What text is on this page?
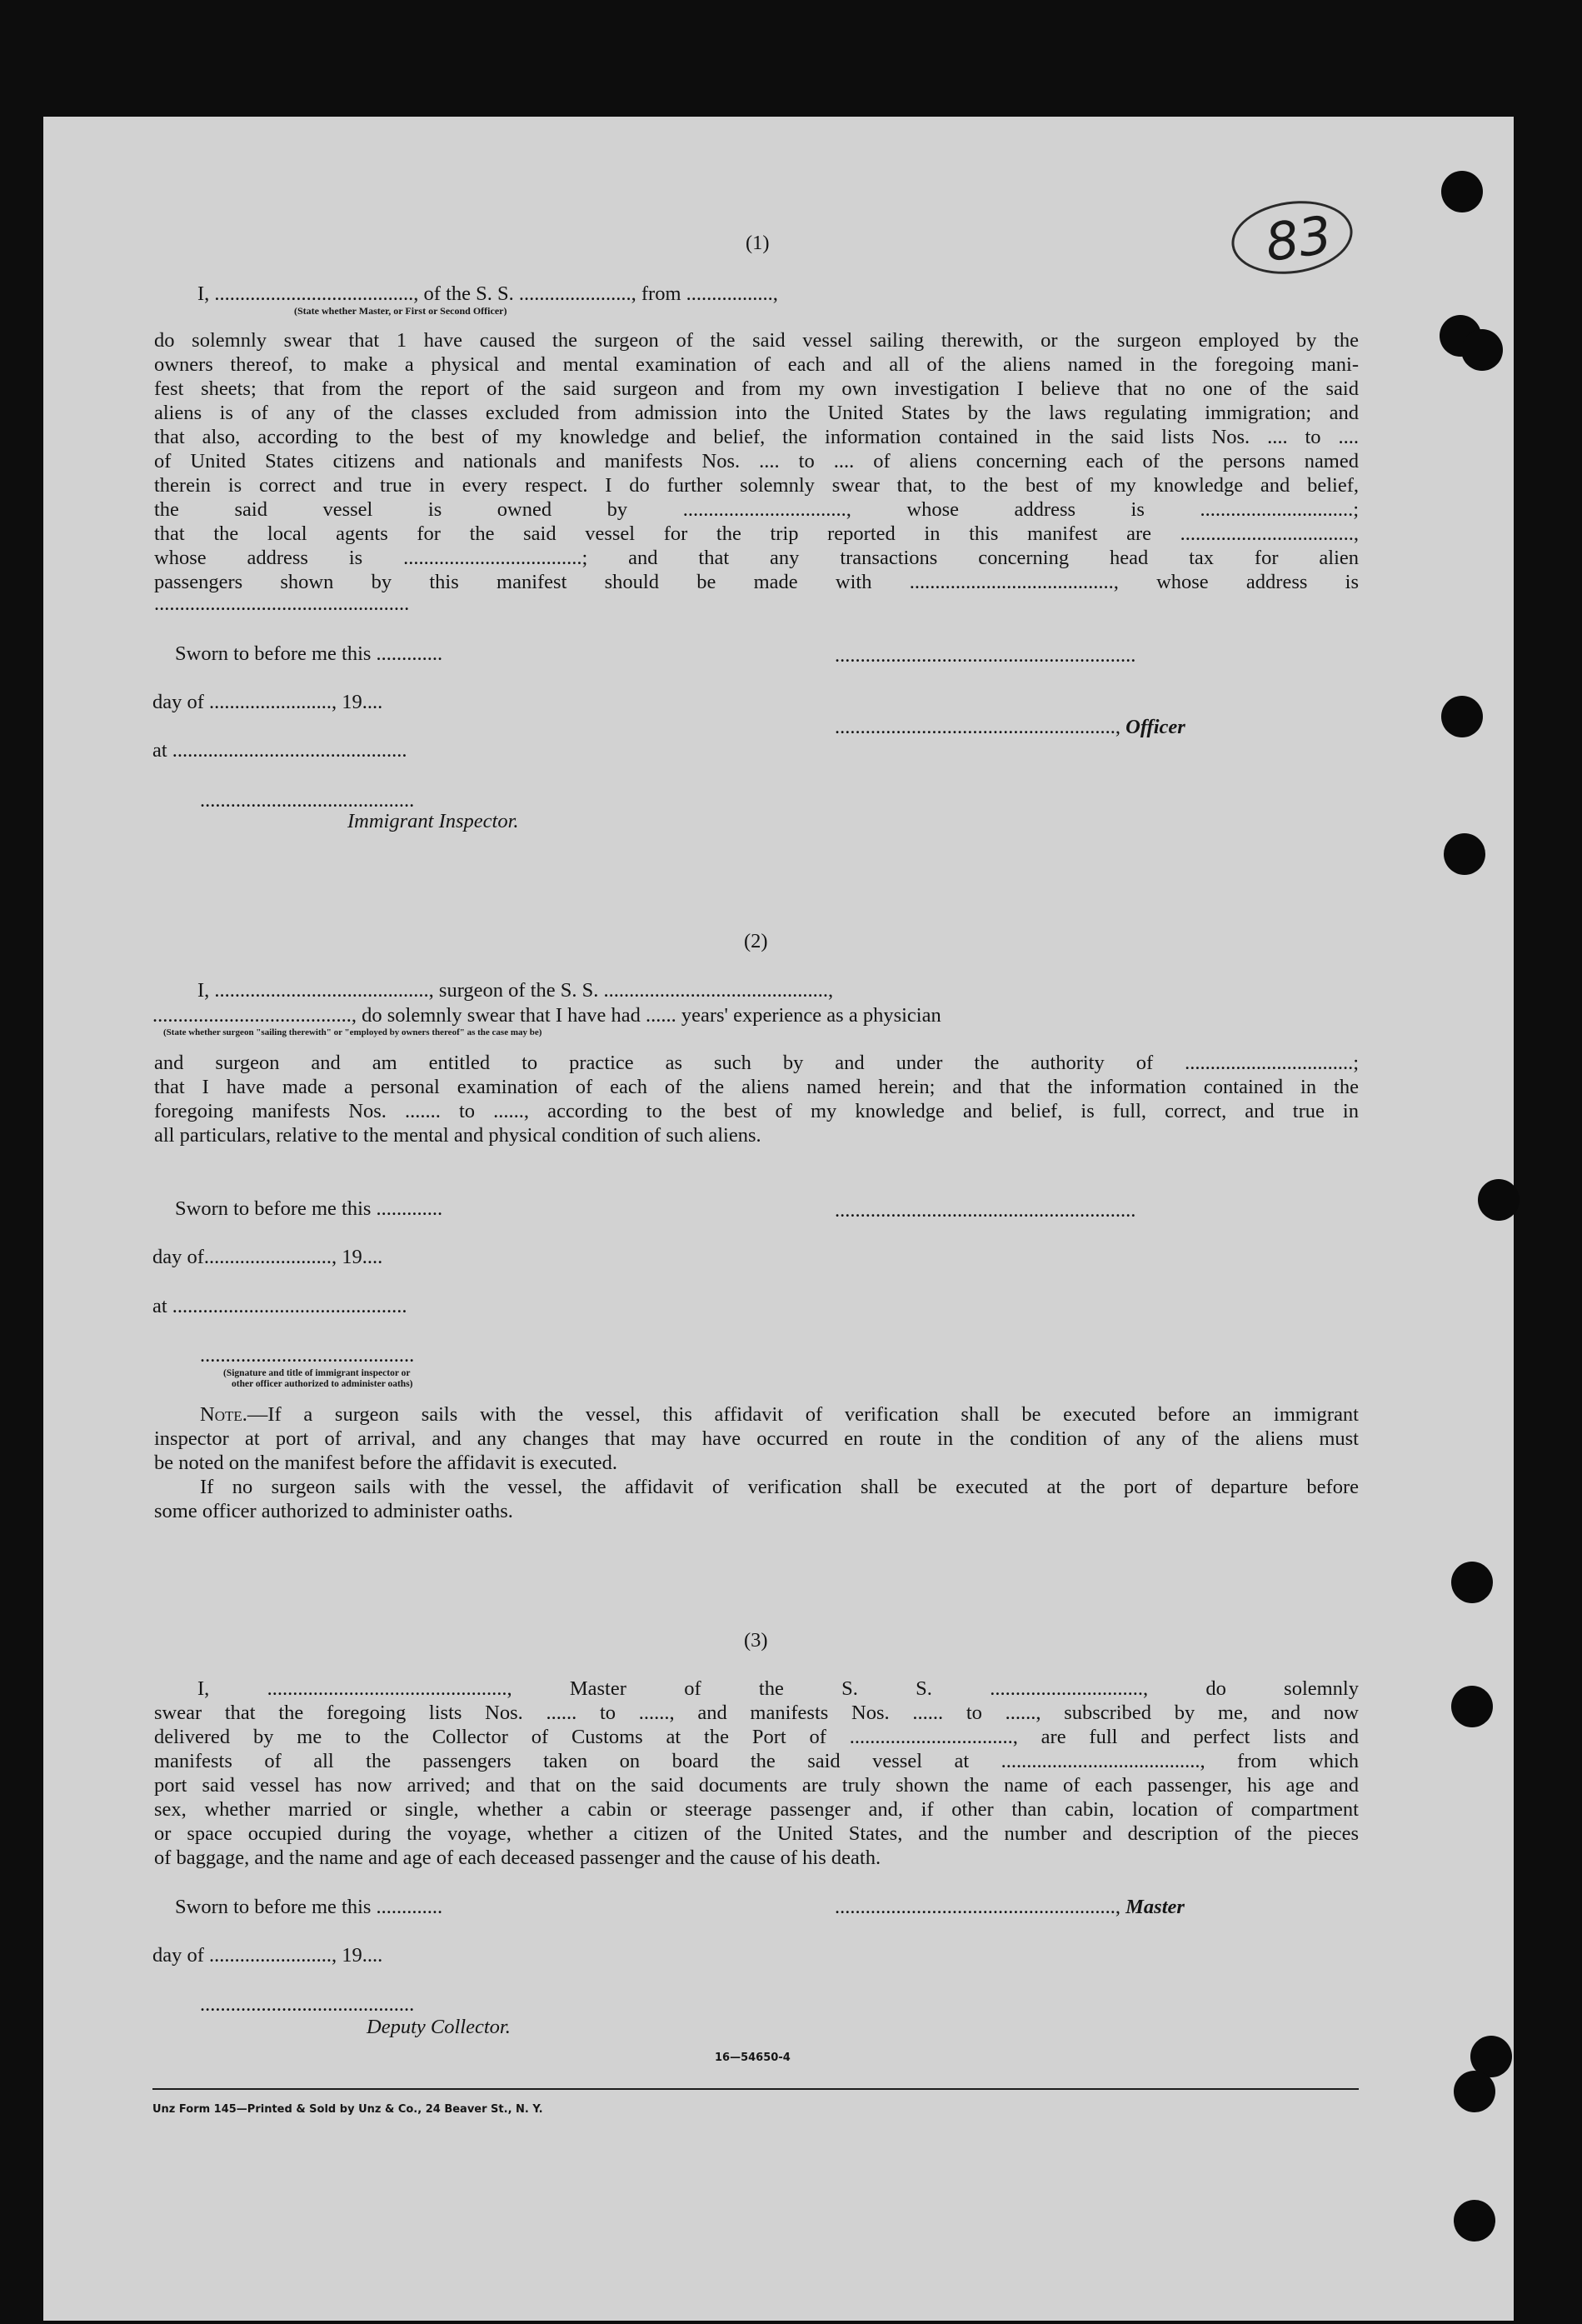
83
(1)
I, ......................................., of the S. S. ......................, from .................,
(State whether Master, or First or Second Officer)
do solemnly swear that 1 have caused the surgeon of the said vessel sailing therewith, or the surgeon employed by the
owners thereof, to make a physical and mental examination of each and all of the aliens named in the foregoing mani-
fest sheets; that from the report of the said surgeon and from my own investigation I believe that no one of the said
aliens is of any of the classes excluded from admission into the United States by the laws regulating immigration; and
that also, according to the best of my knowledge and belief, the information contained in the said lists Nos. .... to ....
of United States citizens and nationals and manifests Nos. .... to .... of aliens concerning each of the persons named
therein is correct and true in every respect. I do further solemnly swear that, to the best of my knowledge and belief,
the said vessel is owned by ................................, whose address is ..............................;
that the local agents for the said vessel for the trip reported in this manifest are ..................................,
whose address is ...................................; and that any transactions concerning head tax for alien
passengers shown by this manifest should be made with ........................................, whose address is
..................................................
Sworn to before me this .............
day of ........................, 19....
at ..............................................
..........................................
Immigrant Inspector.
...........................................................
......................................................., Officer
(2)
I, .........................................., surgeon of the S. S. ............................................,
......................................., do solemnly swear that I have had ...... years' experience as a physician
(State whether surgeon "sailing therewith" or "employed by owners thereof" as the case may be)
and surgeon and am entitled to practice as such by and under the authority of .................................;
that I have made a personal examination of each of the aliens named herein; and that the information contained in the
foregoing manifests Nos. ....... to ......, according to the best of my knowledge and belief, is full, correct, and true in
all particulars, relative to the mental and physical condition of such aliens.
Sworn to before me this .............
day of........................., 19....
at ..............................................
..........................................
(Signature and title of immigrant inspector or
other officer authorized to administer oaths)
...........................................................
Note.—If a surgeon sails with the vessel, this affidavit of verification shall be executed before an immigrant
inspector at port of arrival, and any changes that may have occurred en route in the condition of any of the aliens must
be noted on the manifest before the affidavit is executed.
If no surgeon sails with the vessel, the affidavit of verification shall be executed at the port of departure before
some officer authorized to administer oaths.
(3)
I, ..............................................., Master of the S. S. .............................., do solemnly
swear that the foregoing lists Nos. ...... to ......, and manifests Nos. ...... to ......, subscribed by me, and now
delivered by me to the Collector of Customs at the Port of ................................, are full and perfect lists and
manifests of all the passengers taken on board the said vessel at ......................................., from which
port said vessel has now arrived; and that on the said documents are truly shown the name of each passenger, his age and
sex, whether married or single, whether a cabin or steerage passenger and, if other than cabin, location of compartment
or space occupied during the voyage, whether a citizen of the United States, and the number and description of the pieces
of baggage, and the name and age of each deceased passenger and the cause of his death.
Sworn to before me this .............
day of ........................, 19....
..........................................
Deputy Collector.
......................................................., Master
16—54650-4
Unz Form 145—Printed & Sold by Unz & Co., 24 Beaver St., N. Y.
